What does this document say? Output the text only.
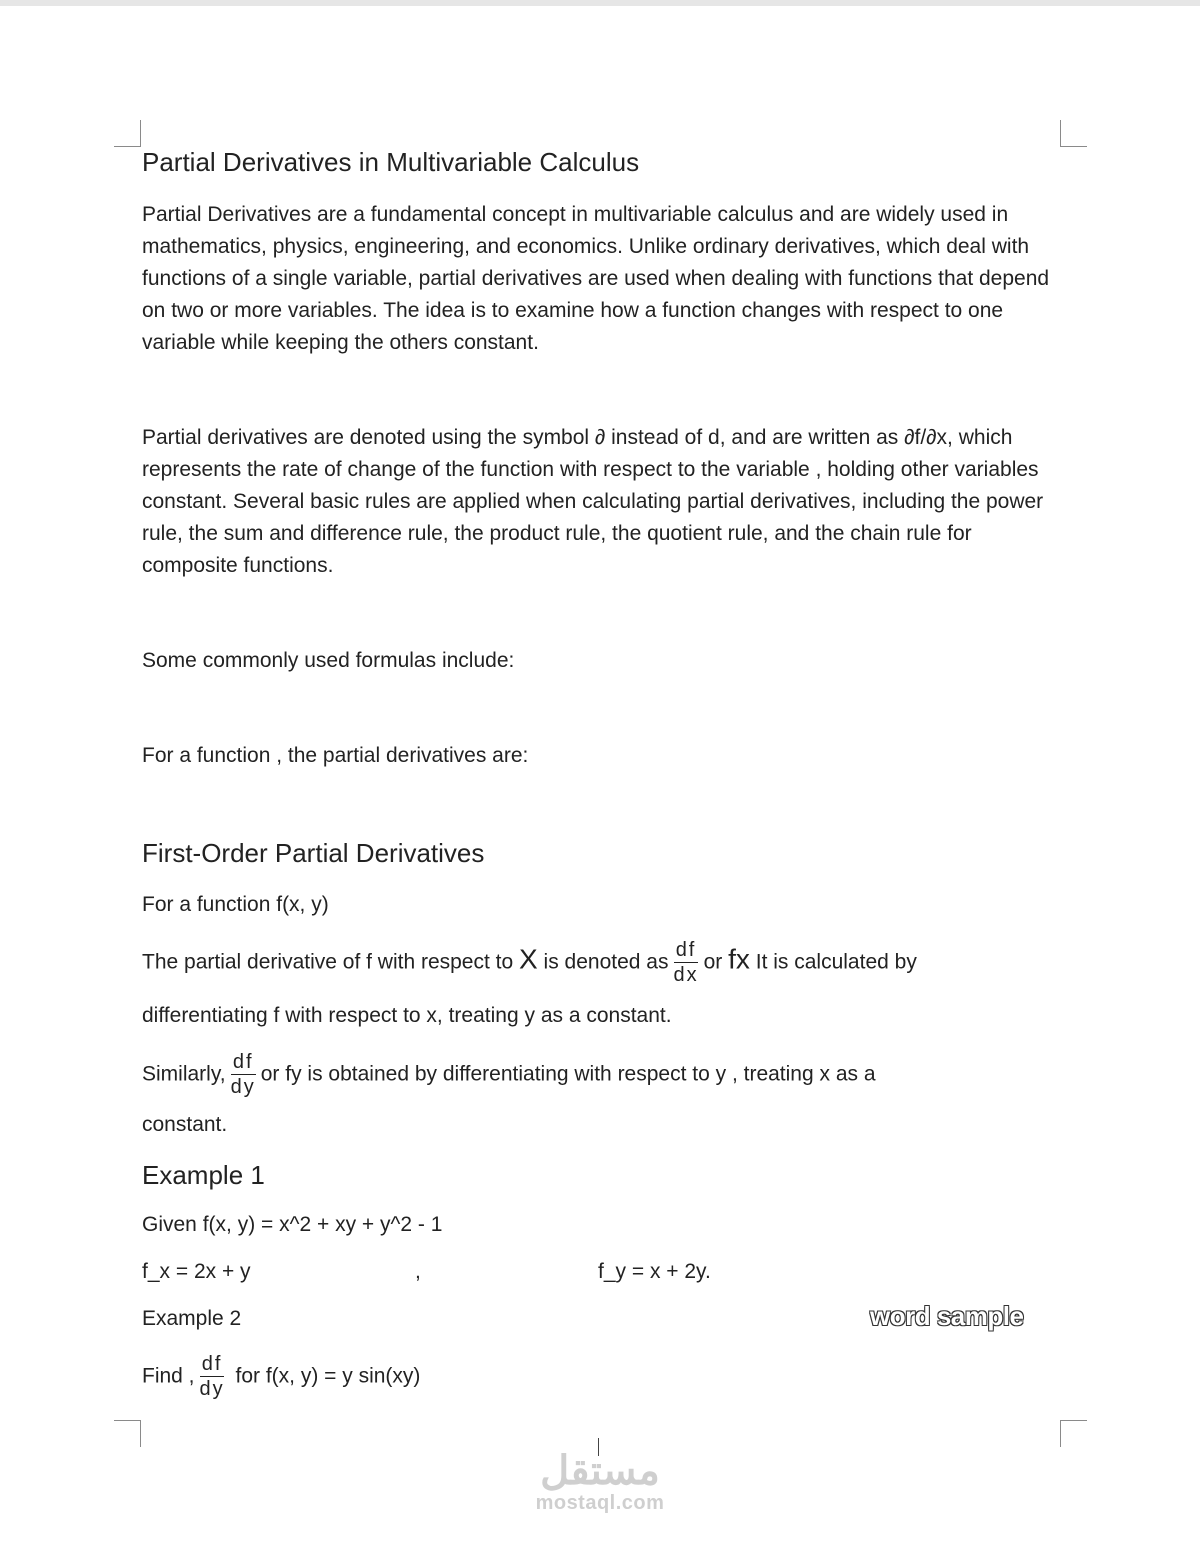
Partial Derivatives in Multivariable Calculus
Partial Derivatives are a fundamental concept in multivariable calculus and are widely used in mathematics, physics, engineering, and economics. Unlike ordinary derivatives, which deal with functions of a single variable, partial derivatives are used when dealing with functions that depend on two or more variables. The idea is to examine how a function changes with respect to one variable while keeping the others constant.
Partial derivatives are denoted using the symbol ∂ instead of d, and are written as ∂f/∂x, which represents the rate of change of the function with respect to the variable , holding other variables constant. Several basic rules are applied when calculating partial derivatives, including the power rule, the sum and difference rule, the product rule, the quotient rule, and the chain rule for composite functions.
Some commonly used formulas include:
For a function , the partial derivatives are:
First-Order Partial Derivatives
For a function f(x, y)
The partial derivative of f with respect to X is denoted as $\frac{df}{dx}$ or fx It is calculated by
differentiating f with respect to x, treating y as a constant.
Similarly, $\frac{df}{dy}$ or fy is obtained by differentiating with respect to y , treating x as a
constant.
Example 1
Given f(x, y) = x^2 + xy + y^2 - 1
f_x = 2x + y	,	f_y = x + 2y.
Example 2	word sample
Find , $\frac{df}{dy}$ for f(x, y) = y sin(xy)
مستقل
mostaql.com
